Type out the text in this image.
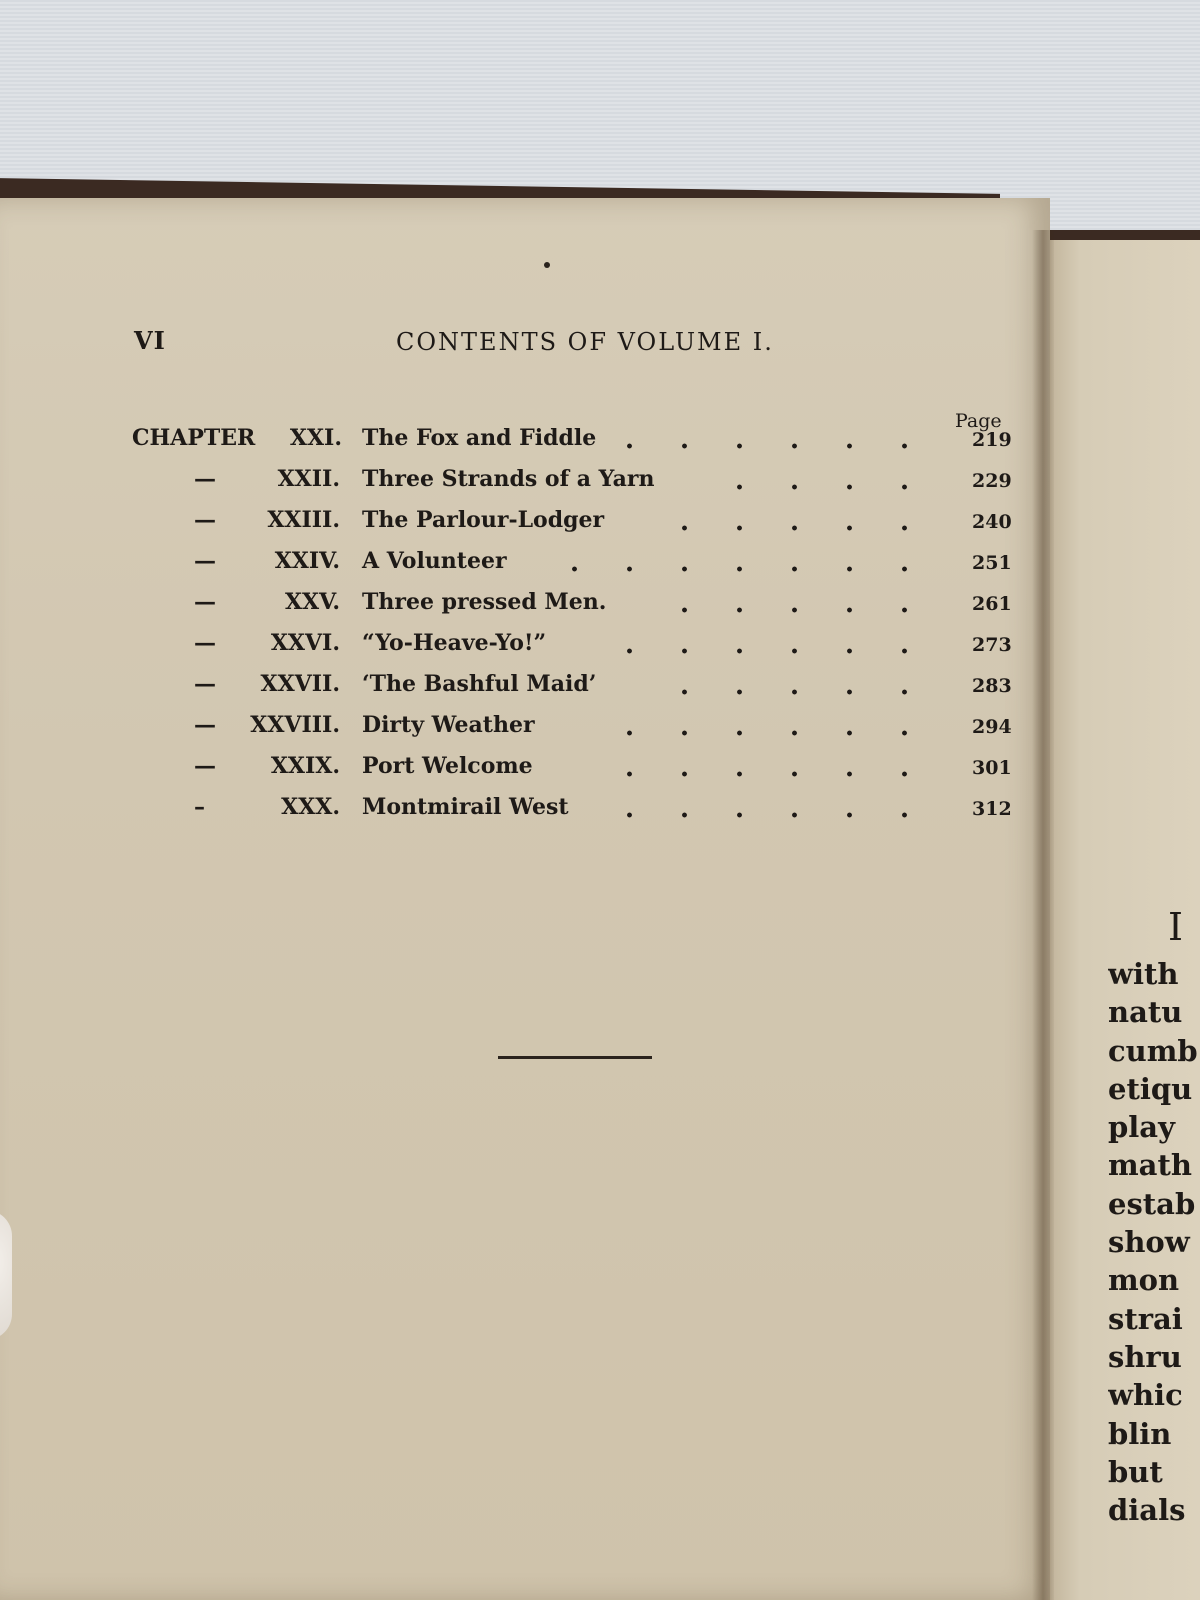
VI	CONTENTS OF VOLUME I.
Page
CHAPTER XXI. The Fox and Fiddle	219
—	XXII. Three Strands of a Yarn	229
— XXIII. The Parlour-Lodger	240
—	XXIV. A Volunteer	251
—	XXV. Three pressed Men.	261
— XXVI. “Yo-Heave-Yo!”	273
— XXVII. ‘The Bashful Maid’	283
— XXVIII. Dirty Weather	294
— XXIX. Port Welcome	301
–	XXX. Montmirail West	312
I
with
natu
cumb
etiqu
play
math
estab
show
mon
strai
shru
whic
blin
but
dials
